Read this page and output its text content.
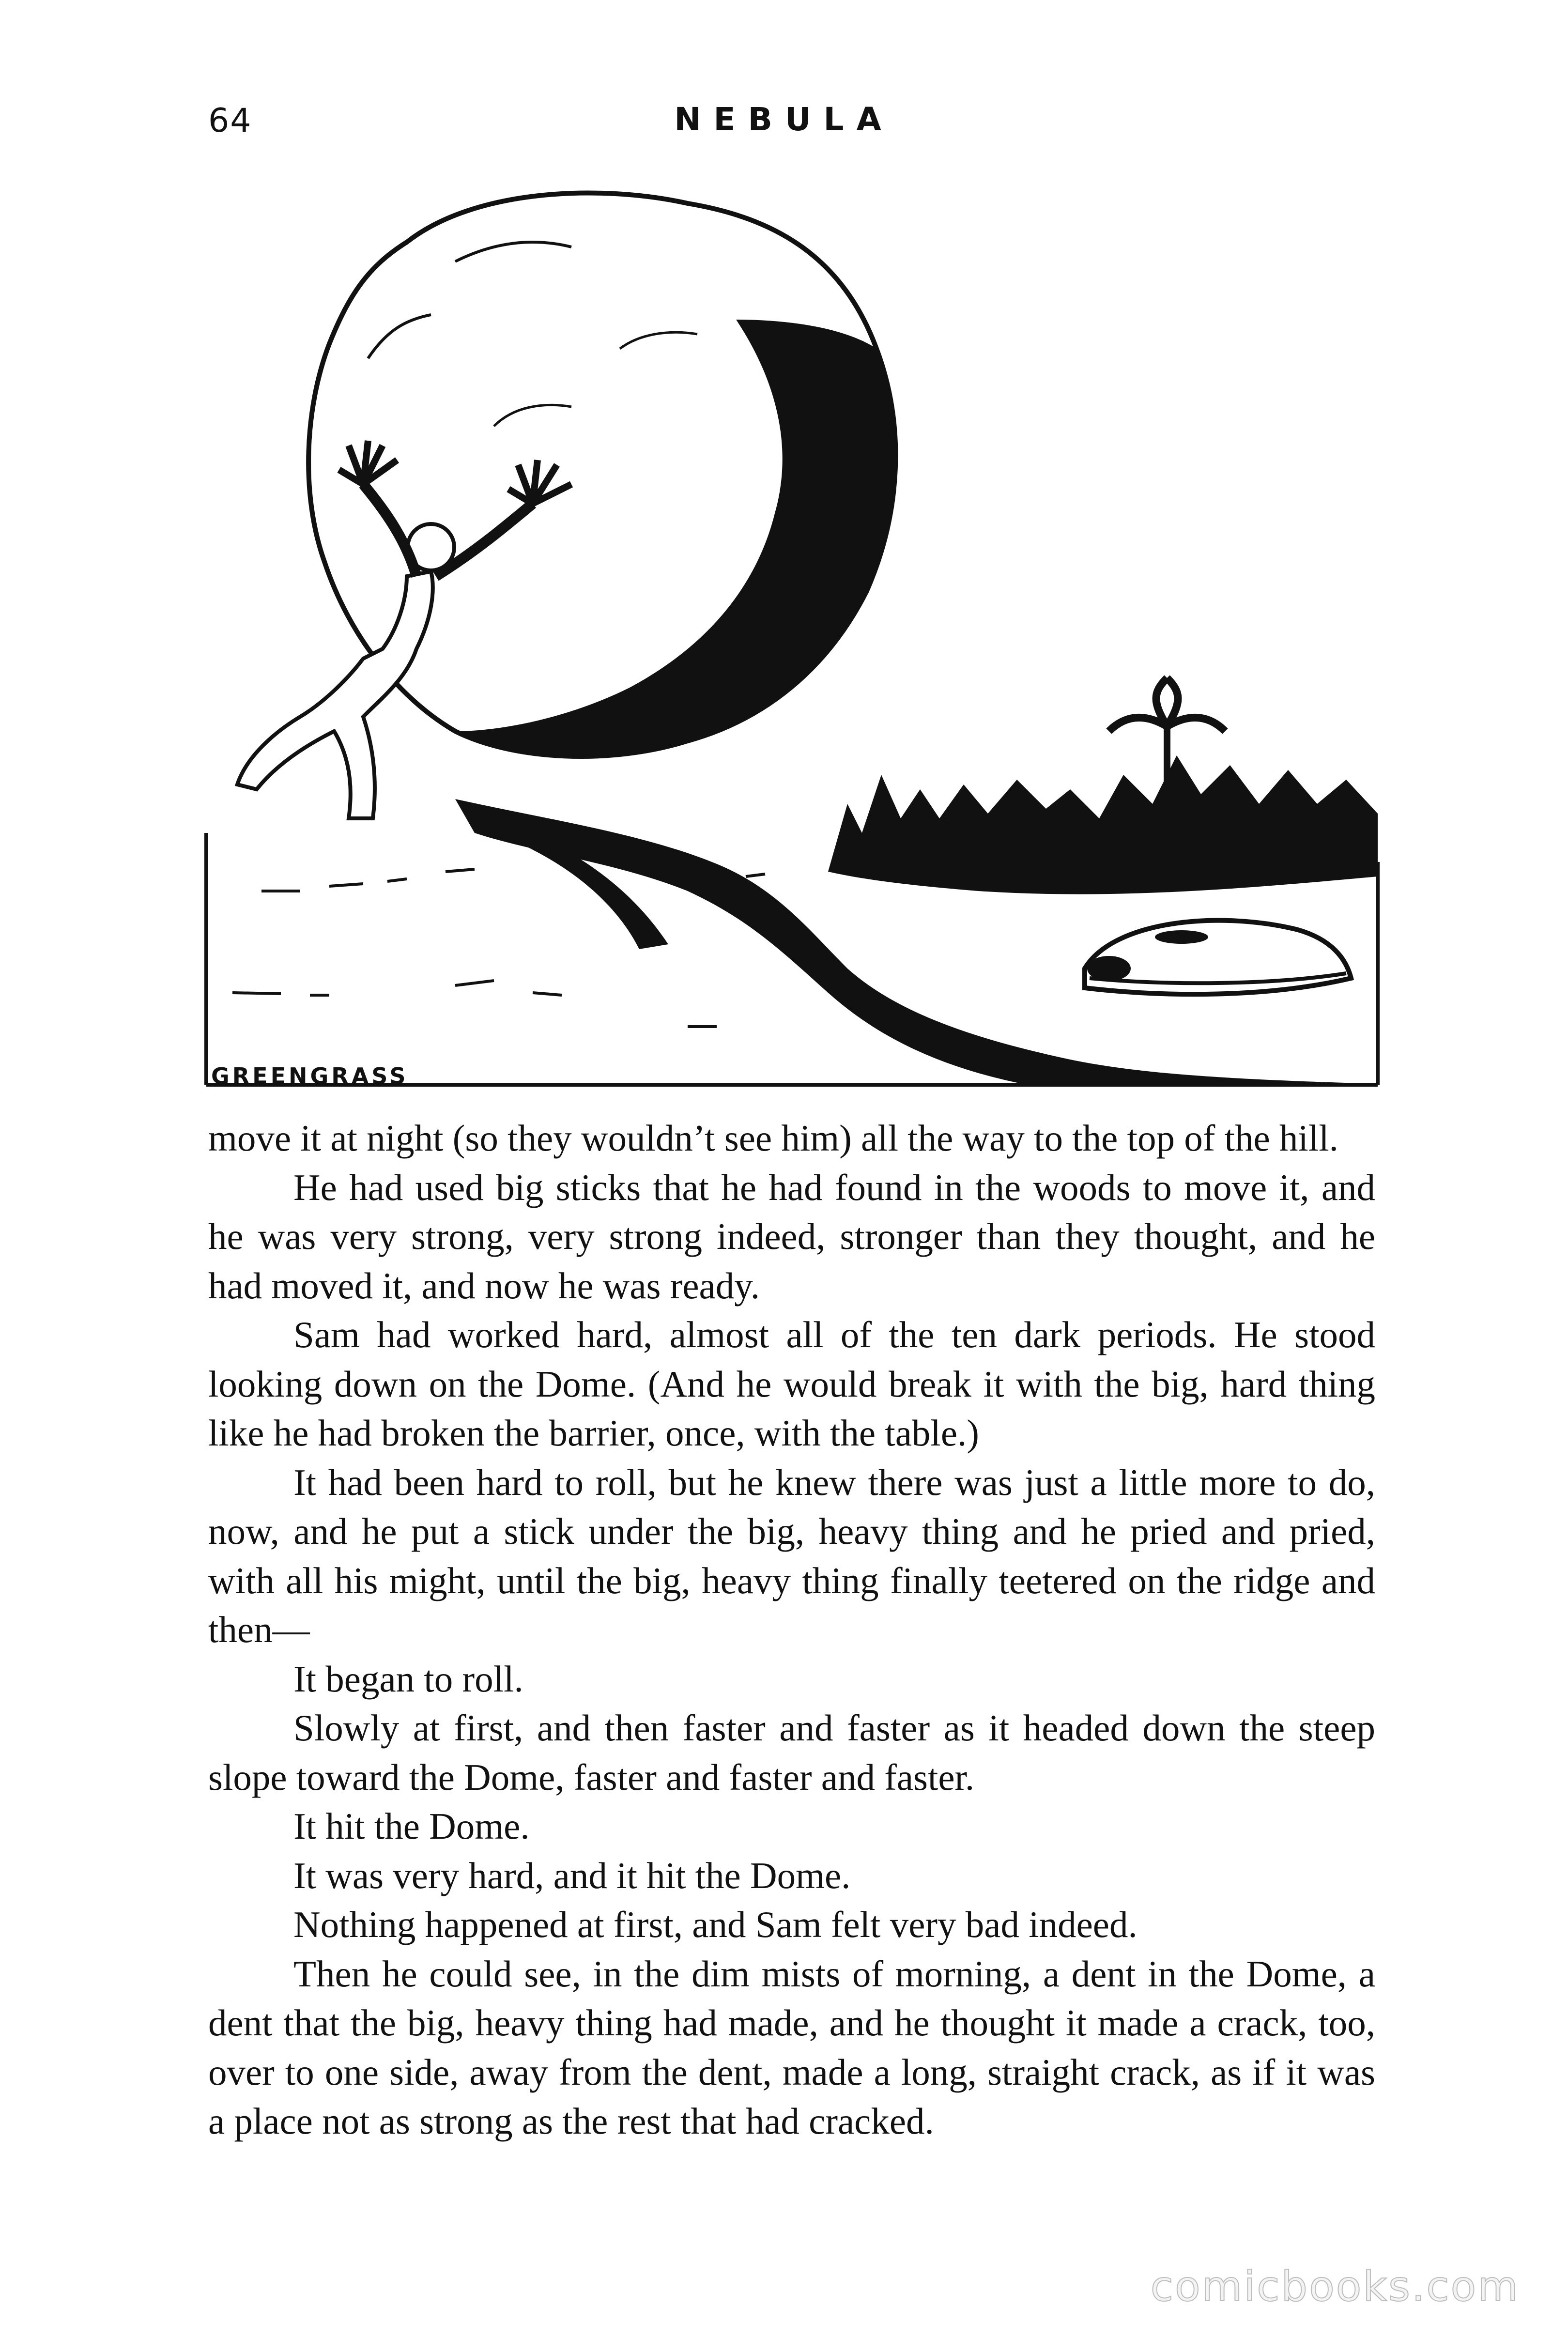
64	NEBULA
GREENGRASS

move it at night (so they wouldn’t see him) all the way to the top of the hill.

He had used big sticks that he had found in the woods to move it, and he was very strong, very strong indeed, stronger than they thought, and he had moved it, and now he was ready.

Sam had worked hard, almost all of the ten dark periods. He stood looking down on the Dome. (And he would break it with the big, hard thing like he had broken the barrier, once, with the table.)

It had been hard to roll, but he knew there was just a little more to do, now, and he put a stick under the big, heavy thing and he pried and pried, with all his might, until the big, heavy thing finally teetered on the ridge and then—

It began to roll.

Slowly at first, and then faster and faster as it headed down the steep slope toward the Dome, faster and faster and faster.

It hit the Dome.

It was very hard, and it hit the Dome.

Nothing happened at first, and Sam felt very bad indeed.

Then he could see, in the dim mists of morning, a dent in the Dome, a dent that the big, heavy thing had made, and he thought it made a crack, too, over to one side, away from the dent, made a long, straight crack, as if it was a place not as strong as the rest that had cracked.

comicbooks.com
